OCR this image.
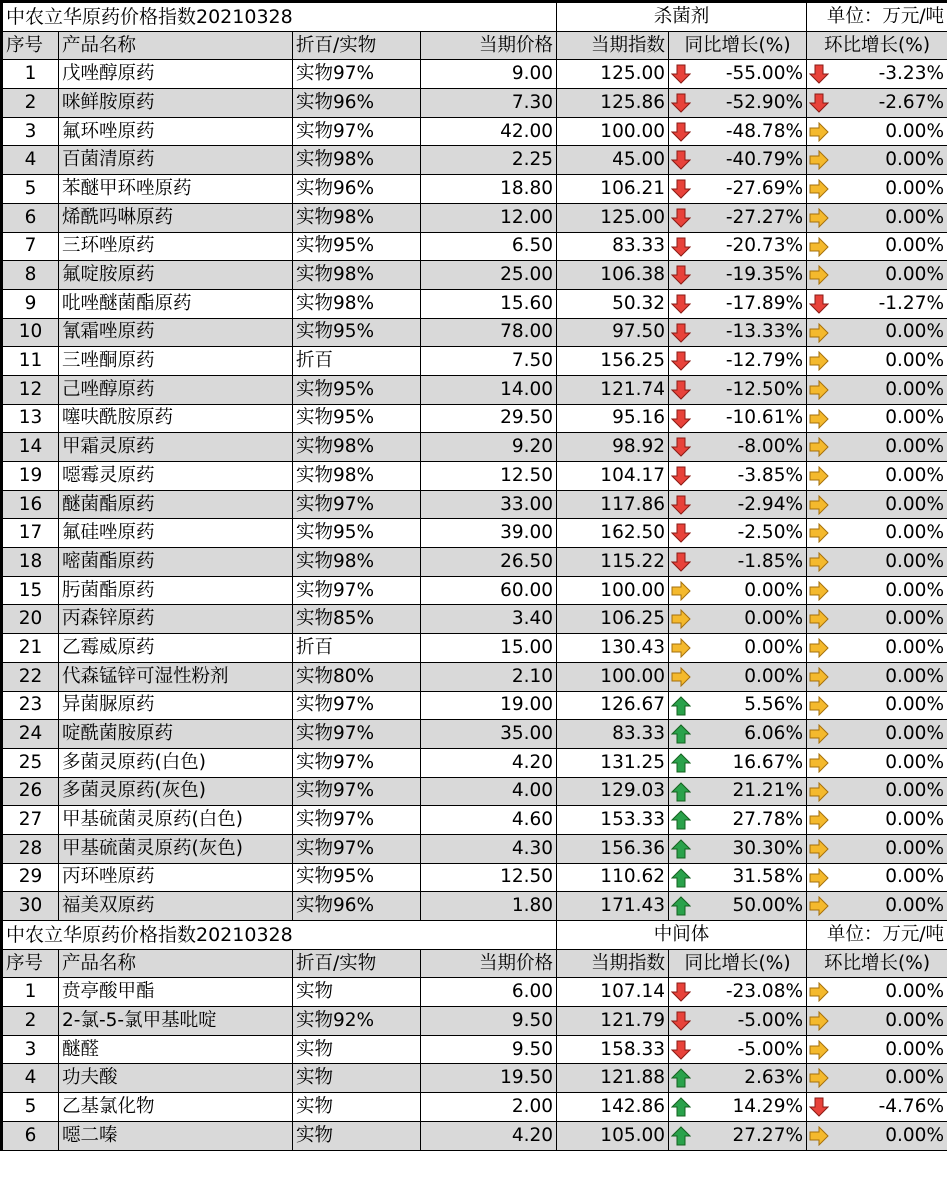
中农立华原药价格指数20210328				杀菌剂		单位：万元/吨
序号	产品名称	折百/实物	当期价格	当期指数	同比增长(%)	环比增长(%)
1	戊唑醇原药	实物97%	9.00	125.00	-55.00%	-3.23%

2	咪鲜胺原药	实物96%	7.30	125.86	-52.90%	-2.67%

3	氟环唑原药	实物97%	42.00	100.00	-48.78%	0.00%

4	百菌清原药	实物98%	2.25	45.00	-40.79%	0.00%

5	苯醚甲环唑原药	实物96%	18.80	106.21	-27.69%	0.00%

6	烯酰吗啉原药	实物98%	12.00	125.00	-27.27%	0.00%

7	三环唑原药	实物95%	6.50	83.33	-20.73%	0.00%

8	氟啶胺原药	实物98%	25.00	106.38	-19.35%	0.00%

9	吡唑醚菌酯原药	实物98%	15.60	50.32	-17.89%	-1.27%

10	氰霜唑原药	实物95%	78.00	97.50	-13.33%	0.00%

11	三唑酮原药	折百	7.50	156.25	-12.79%	0.00%

12	己唑醇原药	实物95%	14.00	121.74	-12.50%	0.00%

13	噻呋酰胺原药	实物95%	29.50	95.16	-10.61%	0.00%

14	甲霜灵原药	实物98%	9.20	98.92	-8.00%	0.00%

19	噁霉灵原药	实物98%	12.50	104.17	-3.85%	0.00%

16	醚菌酯原药	实物97%	33.00	117.86	-2.94%	0.00%

17	氟硅唑原药	实物95%	39.00	162.50	-2.50%	0.00%

18	嘧菌酯原药	实物98%	26.50	115.22	-1.85%	0.00%

15	肟菌酯原药	实物97%	60.00	100.00	0.00%	0.00%

20	丙森锌原药	实物85%	3.40	106.25	0.00%	0.00%

21	乙霉威原药	折百	15.00	130.43	0.00%	0.00%

22	代森锰锌可湿性粉剂	实物80%	2.10	100.00	0.00%	0.00%

23	异菌脲原药	实物97%	19.00	126.67	5.56%	0.00%

24	啶酰菌胺原药	实物97%	35.00	83.33	6.06%	0.00%

25	多菌灵原药(白色)	实物97%	4.20	131.25	16.67%	0.00%

26	多菌灵原药(灰色)	实物97%	4.00	129.03	21.21%	0.00%

27	甲基硫菌灵原药(白色)	实物97%	4.60	153.33	27.78%	0.00%

28	甲基硫菌灵原药(灰色)	实物97%	4.30	156.36	30.30%	0.00%

29	丙环唑原药	实物95%	12.50	110.62	31.58%	0.00%

30	福美双原药	实物96%	1.80	171.43	50.00%	0.00%

中农立华原药价格指数20210328				中间体		单位：万元/吨
序号	产品名称	折百/实物	当期价格	当期指数	同比增长(%)	环比增长(%)
1	贲亭酸甲酯	实物	6.00	107.14	-23.08%	0.00%

2	2-氯-5-氯甲基吡啶	实物92%	9.50	121.79	-5.00%	0.00%

3	醚醛	实物	9.50	158.33	-5.00%	0.00%

4	功夫酸	实物	19.50	121.88	2.63%	0.00%

5	乙基氯化物	实物	2.00	142.86	14.29%	-4.76%

6	噁二嗪	实物	4.20	105.00	27.27%	0.00%
